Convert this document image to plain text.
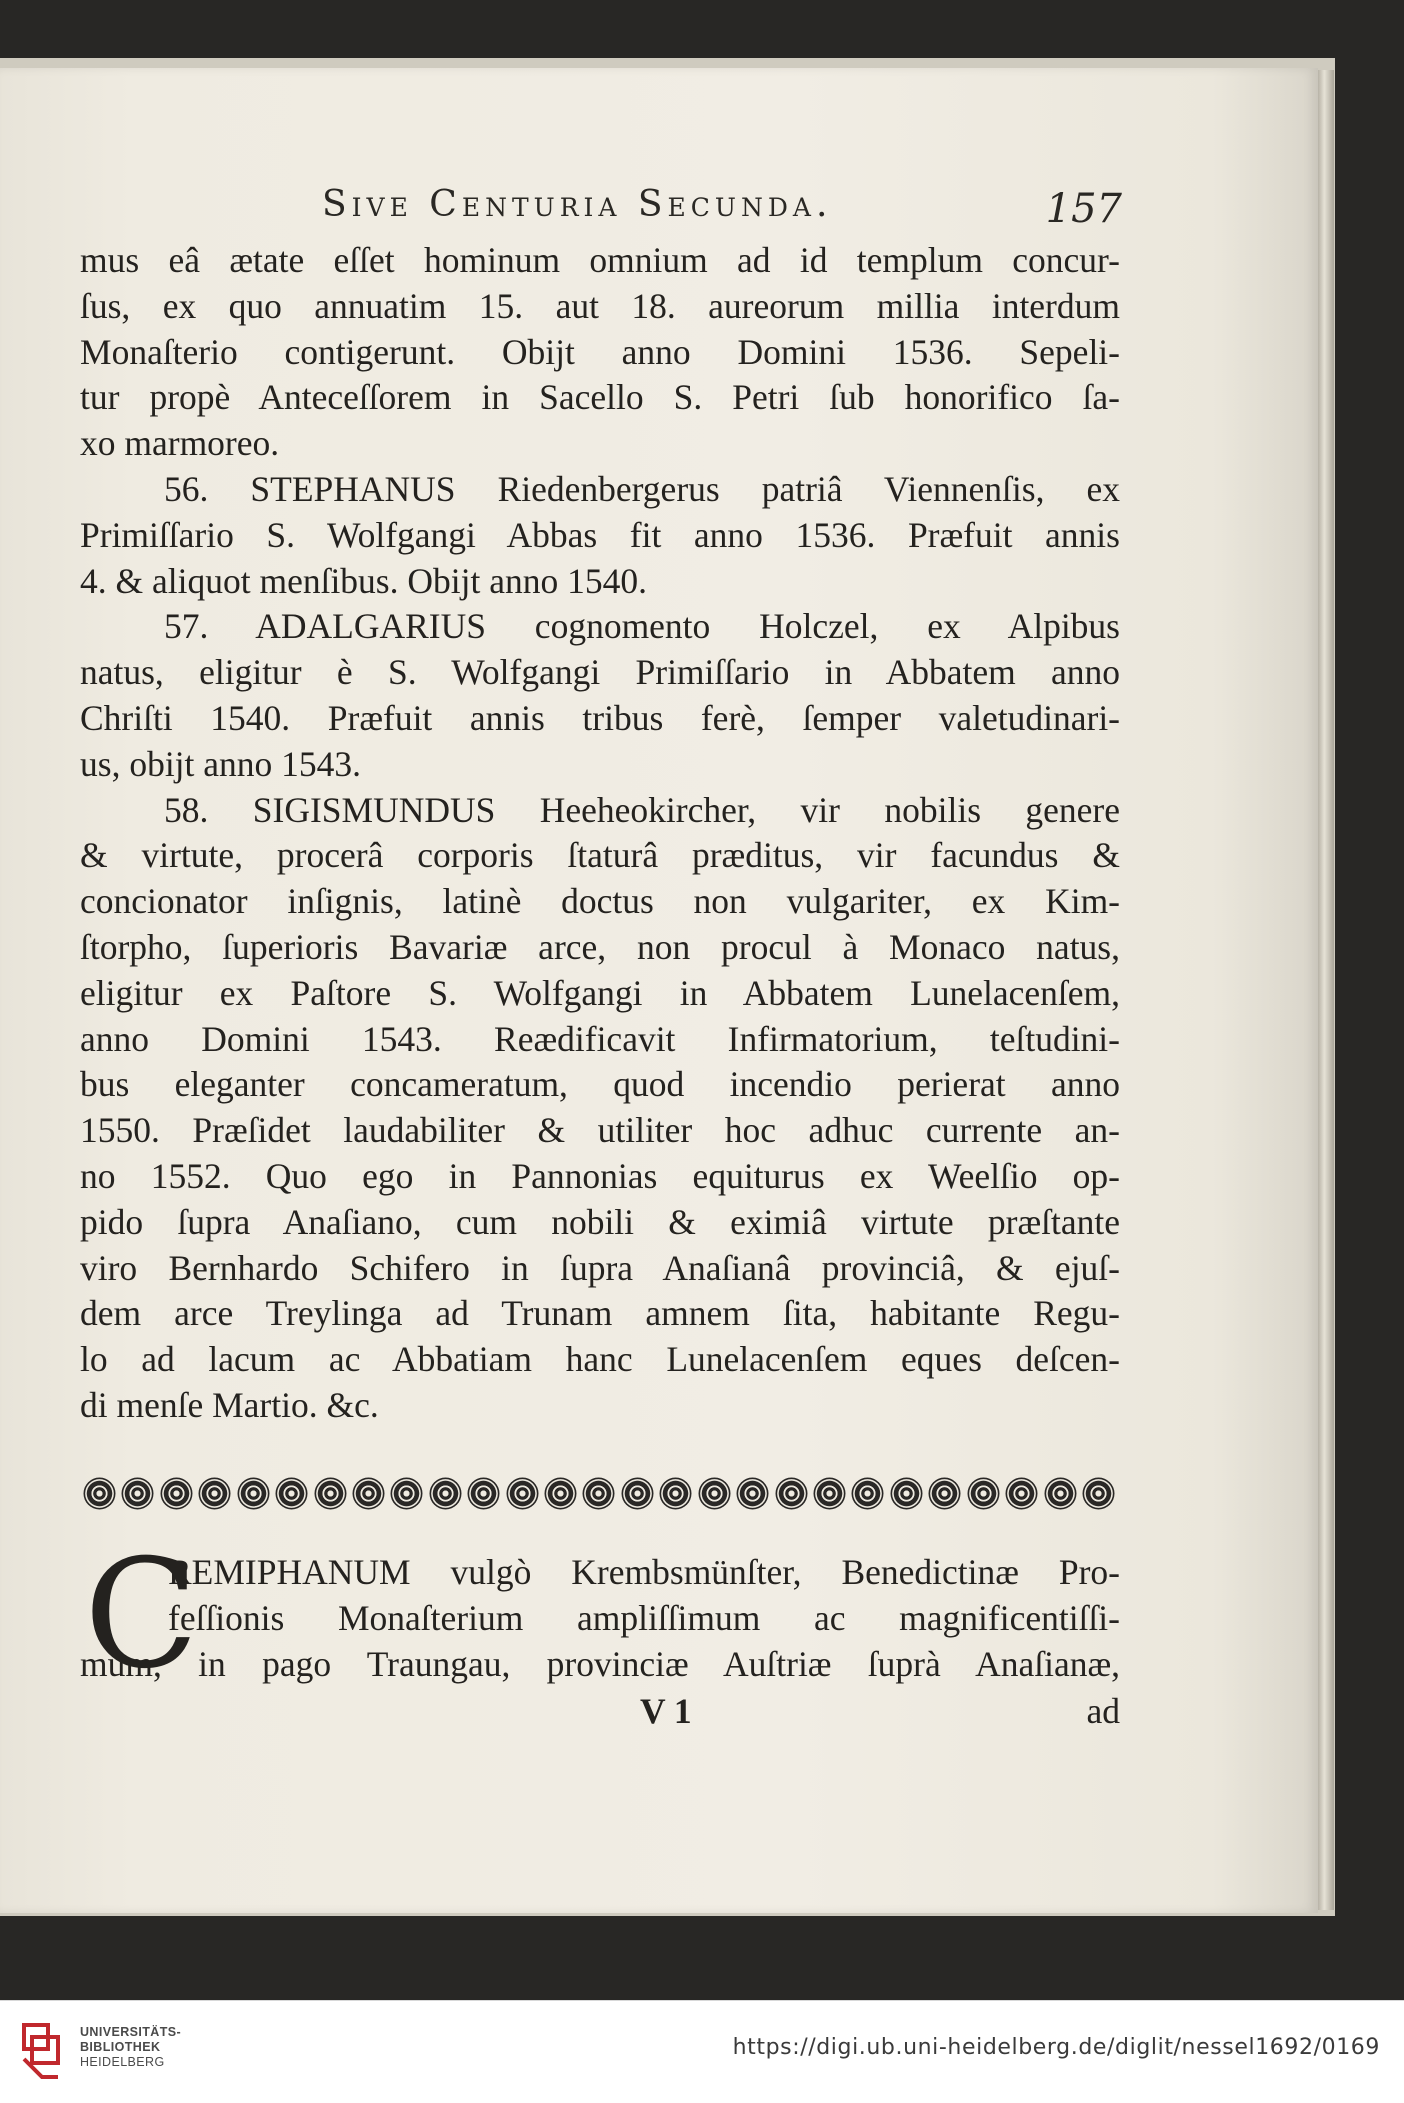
Sive Centuria Secunda.	157
mus eâ ætate eſſet hominum omnium ad id templum concur-
ſus, ex quo annuatim 15. aut 18. aureorum millia interdum
Monaſterio contigerunt. Obijt anno Domini 1536. Sepeli-
tur propè Anteceſſorem in Sacello S. Petri ſub honorifico ſa-
xo marmoreo.
56. STEPHANUS Riedenbergerus patriâ Viennenſis, ex
Primiſſario S. Wolfgangi Abbas fit anno 1536. Præfuit annis
4. & aliquot menſibus. Obijt anno 1540.
57. ADALGARIUS cognomento Holczel, ex Alpibus
natus, eligitur è S. Wolfgangi Primiſſario in Abbatem anno
Chriſti 1540. Præfuit annis tribus ferè, ſemper valetudinari-
us, obijt anno 1543.
58. SIGISMUNDUS Heeheokircher, vir nobilis genere
& virtute, procerâ corporis ſtaturâ præditus, vir facundus &
concionator inſignis, latinè doctus non vulgariter, ex Kim-
ſtorpho, ſuperioris Bavariæ arce, non procul à Monaco natus,
eligitur ex Paſtore S. Wolfgangi in Abbatem Lunelacenſem,
anno Domini 1543. Reædificavit Infirmatorium, teſtudini-
bus eleganter concameratum, quod incendio perierat anno
1550. Præſidet laudabiliter & utiliter hoc adhuc currente an-
no 1552. Quo ego in Pannonias equiturus ex Weelſio op-
pido ſupra Anaſiano, cum nobili & eximiâ virtute præſtante
viro Bernhardo Schifero in ſupra Anaſianâ provinciâ, & ejuſ-
dem arce Treylinga ad Trunam amnem ſita, habitante Regu-
lo ad lacum ac Abbatiam hanc Lunelacenſem eques deſcen-
di menſe Martio. &c.
C
REMIPHANUM vulgò Krembsmünſter, Benedictinæ Pro-
feſſionis Monaſterium ampliſſimum ac magnificentiſſi-
mum, in pago Traungau, provinciæ Auſtriæ ſuprà Anaſianæ,
V 1	ad
UNIVERSITÄTS-
BIBLIOTHEK
HEIDELBERG
https://digi.ub.uni-heidelberg.de/diglit/nessel1692/0169
